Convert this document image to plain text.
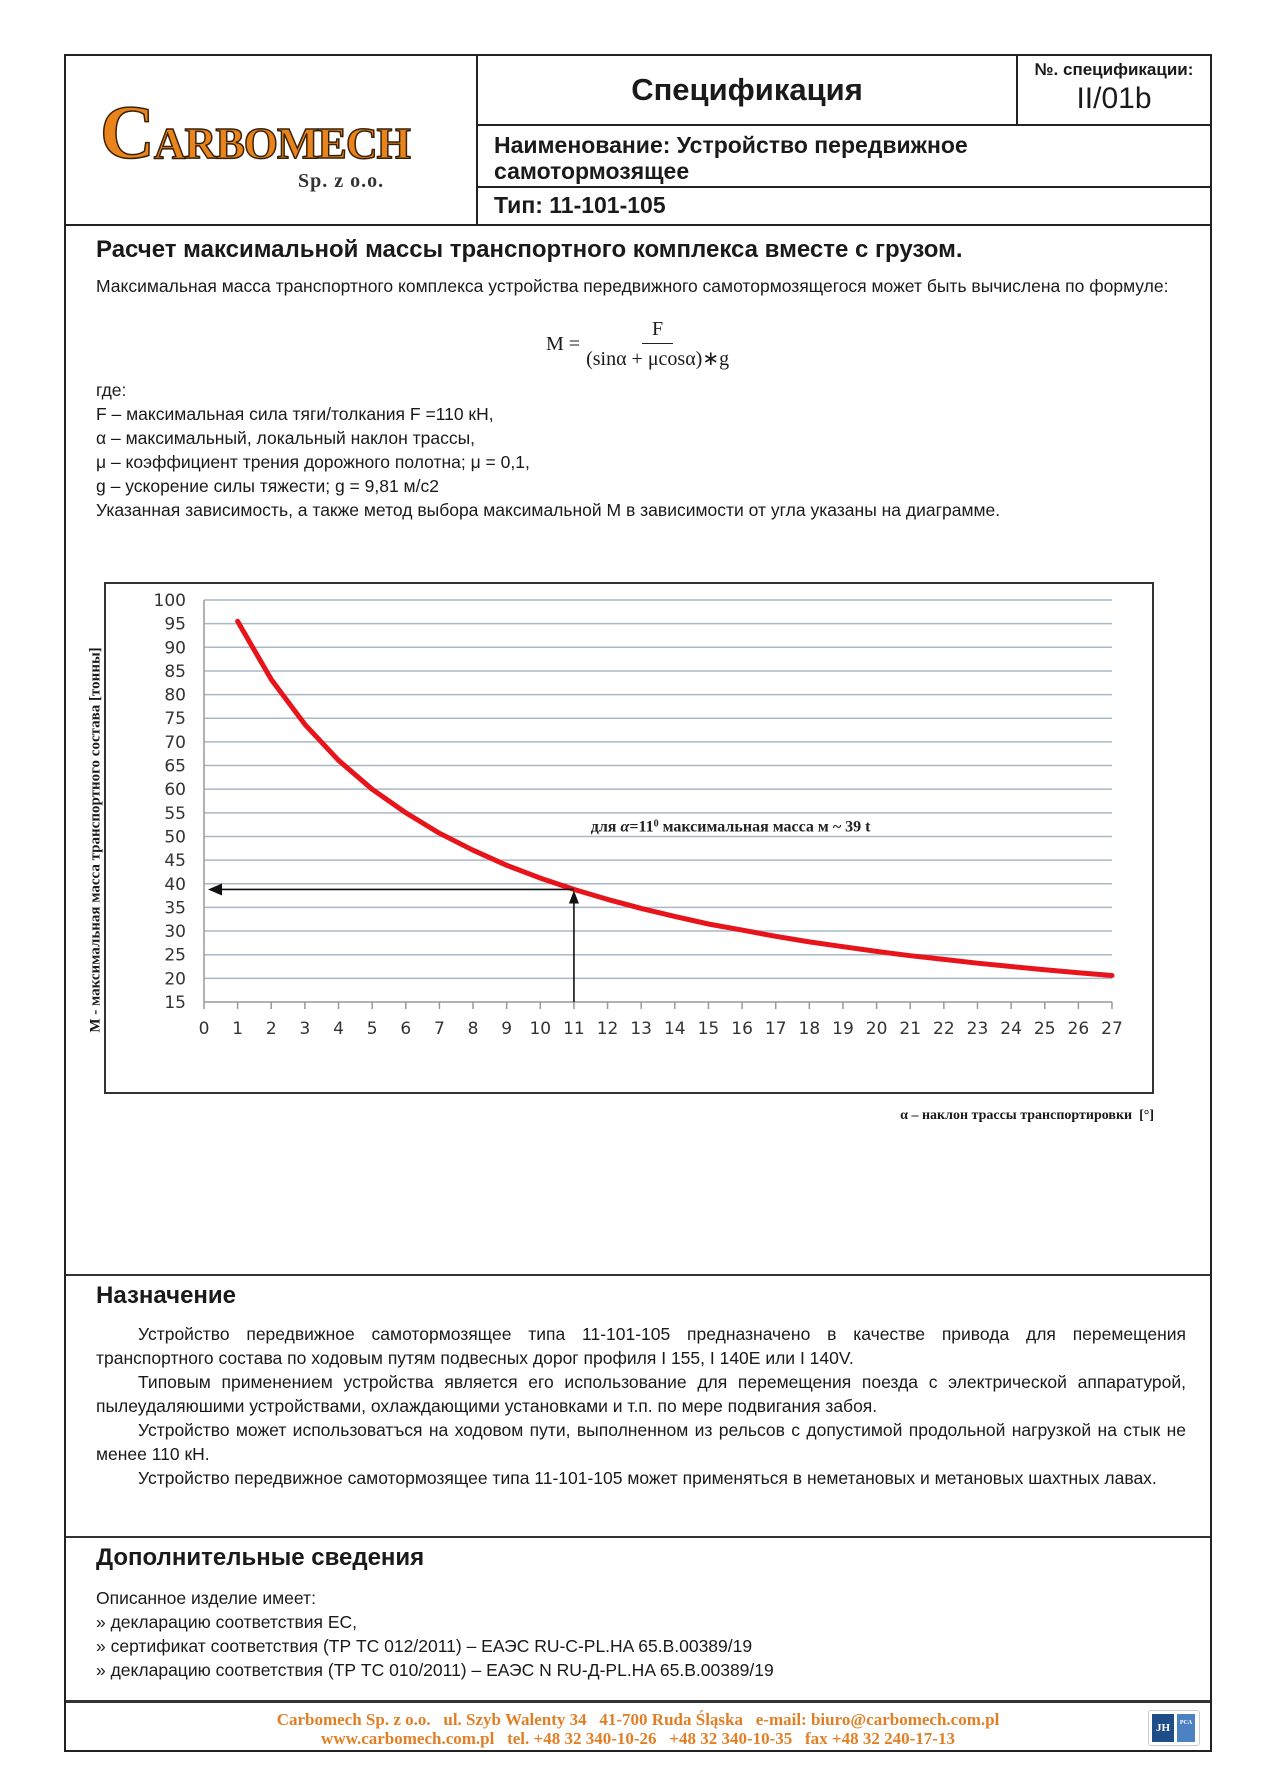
CARBOMECH
Sp. z o.o.
Спецификация
№. спецификации:
II/01b
Наименование: Устройство передвижное
самотормозящее
Тип: 11-101-105
Расчет максимальной массы транспортного комплекса вместе с грузом.
Максимальная масса транспортного комплекса устройства передвижного самотормозящегося может быть вычислена по формуле:
$M = \frac{F}{(\sin\alpha + \mu\cos\alpha)∗g}$
где:
F – максимальная сила тяги/толкания F =110 кН,
α – максимальный, локальный наклон трассы,
μ – коэффициент трения дорожного полотна; μ = 0,1,
g – ускорение силы тяжести; g = 9,81 м/с2
Указанная зависимость, а также метод выбора максимальной М в зависимости от угла указаны на диаграмме.
15
20
25
30
35
40
45
50
55
60
65
70
75
80
85
90
95
100
0 1 2 3 4 5 6 7 8 9 10 11 12 13 14 15 16 17 18 19 20 21 22 23 24 25 26 27
для $\alpha=11^0$ максимальная масса м ~ 39 t
М - максимальная масса транспортного состава [тонны]
α – наклон трассы транспортировки  [°]
Назначение
Устройство передвижное самотормозящее типа 11-101-105 предназначено в качестве привода для перемещения транспортного состава по ходовым путям подвесных дорог профиля I 155, I 140E или I 140V.
Типовым применением устройства является его использование для перемещения поезда с электрической аппаратурой, пылеудаляюшими устройствами, охлаждающими установками и т.п. по мере подвигания забоя.
Устройство может использоватъся на ходовом пути, выполненном из рельсов с допустимой продольной нагрузкой на стык не менее 110 кН.
Устройство передвижное самотормозящее типа 11-101-105 может применяться в неметановых и метановых шахтных лавах.
Дополнительные сведения
Описанное изделие имеет:
» декларацию соответствия ЕС,
» сертификат соответствия (ТР ТС 012/2011) – ЕАЭС RU-C-PL.HA 65.B.00389/19
» декларацию соответствия (ТР ТС 010/2011) – ЕАЭС N RU-Д-PL.HA 65.B.00389/19
Carbomech Sp. z o.o.   ul. Szyb Walenty 34   41-700 Ruda Śląska   e-mail: biuro@carbomech.com.pl
www.carbomech.com.pl   tel. +48 32 340-10-26   +48 32 340-10-35   fax +48 32 240-17-13
JH	PCA
